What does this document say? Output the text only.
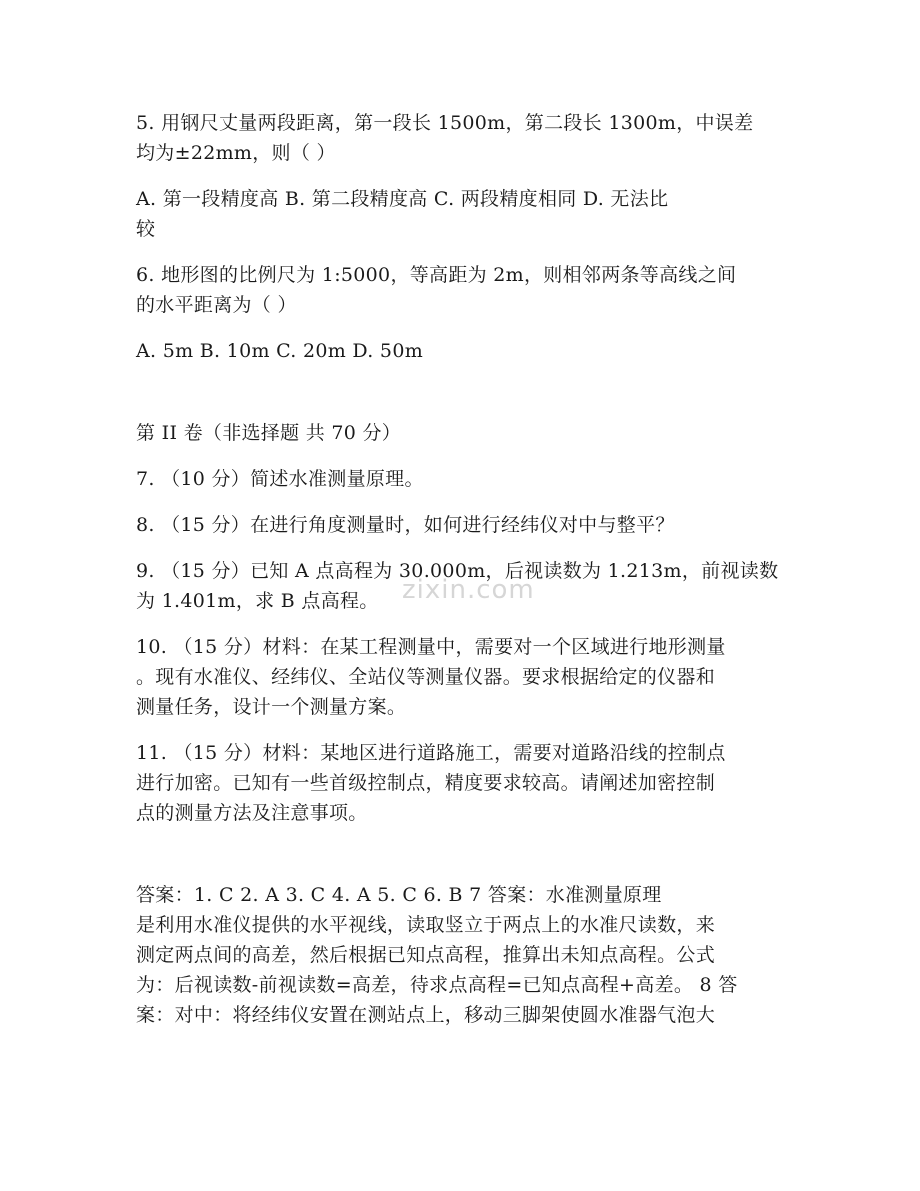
5. 用钢尺丈量两段距离，第一段长 1500m，第二段长 1300m，中误差
均为±22mm，则（ ）
A. 第一段精度高 B. 第二段精度高 C. 两段精度相同 D. 无法比
较
6. 地形图的比例尺为 1:5000，等高距为 2m，则相邻两条等高线之间
的水平距离为（ ）
A. 5m B. 10m C. 20m D. 50m
第 II 卷（非选择题 共 70 分）
7. （10 分）简述水准测量原理。
8. （15 分）在进行角度测量时，如何进行经纬仪对中与整平？
9. （15 分）已知 A 点高程为 30.000m，后视读数为 1.213m，前视读数
为 1.401m，求 B 点高程。
10. （15 分）材料：在某工程测量中，需要对一个区域进行地形测量
。现有水准仪、经纬仪、全站仪等测量仪器。要求根据给定的仪器和
测量任务，设计一个测量方案。
11. （15 分）材料：某地区进行道路施工，需要对道路沿线的控制点
进行加密。已知有一些首级控制点，精度要求较高。请阐述加密控制
点的测量方法及注意事项。
答案：1. C 2. A 3. C 4. A 5. C 6. B 7 答案：水准测量原理
是利用水准仪提供的水平视线，读取竖立于两点上的水准尺读数，来
测定两点间的高差，然后根据已知点高程，推算出未知点高程。公式
为：后视读数-前视读数=高差，待求点高程=已知点高程+高差。 8 答
案：对中：将经纬仪安置在测站点上，移动三脚架使圆水准器气泡大
zixin.com
